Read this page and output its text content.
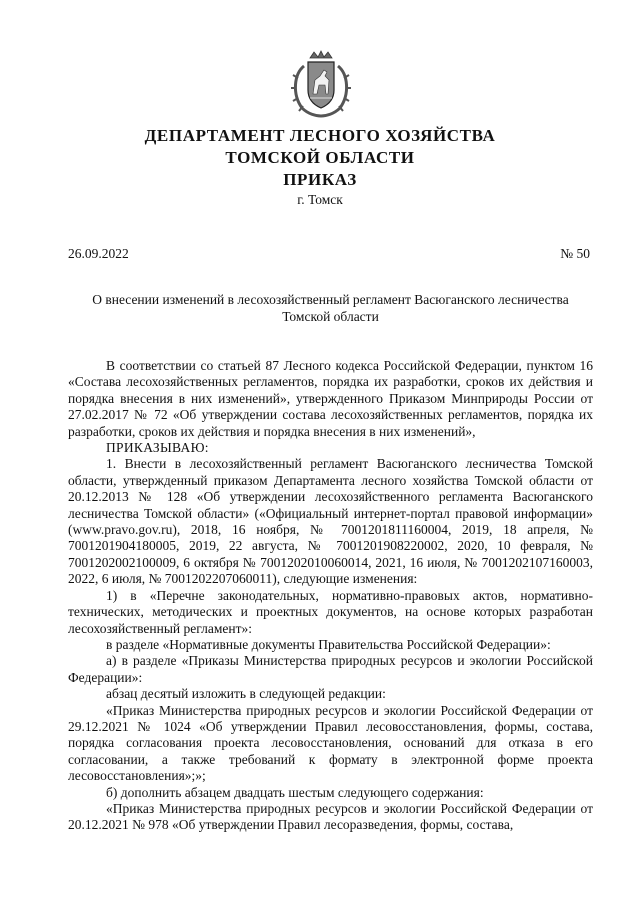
ДЕПАРТАМЕНТ ЛЕСНОГО ХОЗЯЙСТВА
ТОМСКОЙ ОБЛАСТИ
ПРИКАЗ
г. Томск
26.09.2022	№ 50
О внесении изменений в лесохозяйственный регламент Васюганского лесничества Томской области

В соответствии со статьей 87 Лесного кодекса Российской Федерации, пунктом 16 «Состава лесохозяйственных регламентов, порядка их разработки, сроков их действия и порядка внесения в них изменений», утвержденного Приказом Минприроды России от 27.02.2017 № 72 «Об утверждении состава лесохозяйственных регламентов, порядка их разработки, сроков их действия и порядка внесения в них изменений»,

ПРИКАЗЫВАЮ:

1. Внести в лесохозяйственный регламент Васюганского лесничества Томской области, утвержденный приказом Департамента лесного хозяйства Томской области от 20.12.2013 № 128 «Об утверждении лесохозяйственного регламента Васюганского лесничества Томской области» («Официальный интернет-портал правовой информации» (www.pravo.gov.ru), 2018, 16 ноября, № 7001201811160004, 2019, 18 апреля, № 7001201904180005, 2019, 22 августа, № 7001201908220002, 2020, 10 февраля, № 7001202002100009, 6 октября № 7001202010060014, 2021, 16 июля, № 7001202107160003, 2022, 6 июля, № 7001202207060011), следующие изменения:

1) в «Перечне законодательных, нормативно-правовых актов, нормативно-технических, методических и проектных документов, на основе которых разработан лесохозяйственный регламент»:

в разделе «Нормативные документы Правительства Российской Федерации»:

а) в разделе «Приказы Министерства природных ресурсов и экологии Российской Федерации»:

абзац десятый изложить в следующей редакции:

«Приказ Министерства природных ресурсов и экологии Российской Федерации от 29.12.2021 № 1024 «Об утверждении Правил лесовосстановления, формы, состава, порядка согласования проекта лесовосстановления, оснований для отказа в его согласовании, а также требований к формату в электронной форме проекта лесовосстановления»;»;

б) дополнить абзацем двадцать шестым следующего содержания:

«Приказ Министерства природных ресурсов и экологии Российской Федерации от 20.12.2021 № 978 «Об утверждении Правил лесоразведения, формы, состава,
